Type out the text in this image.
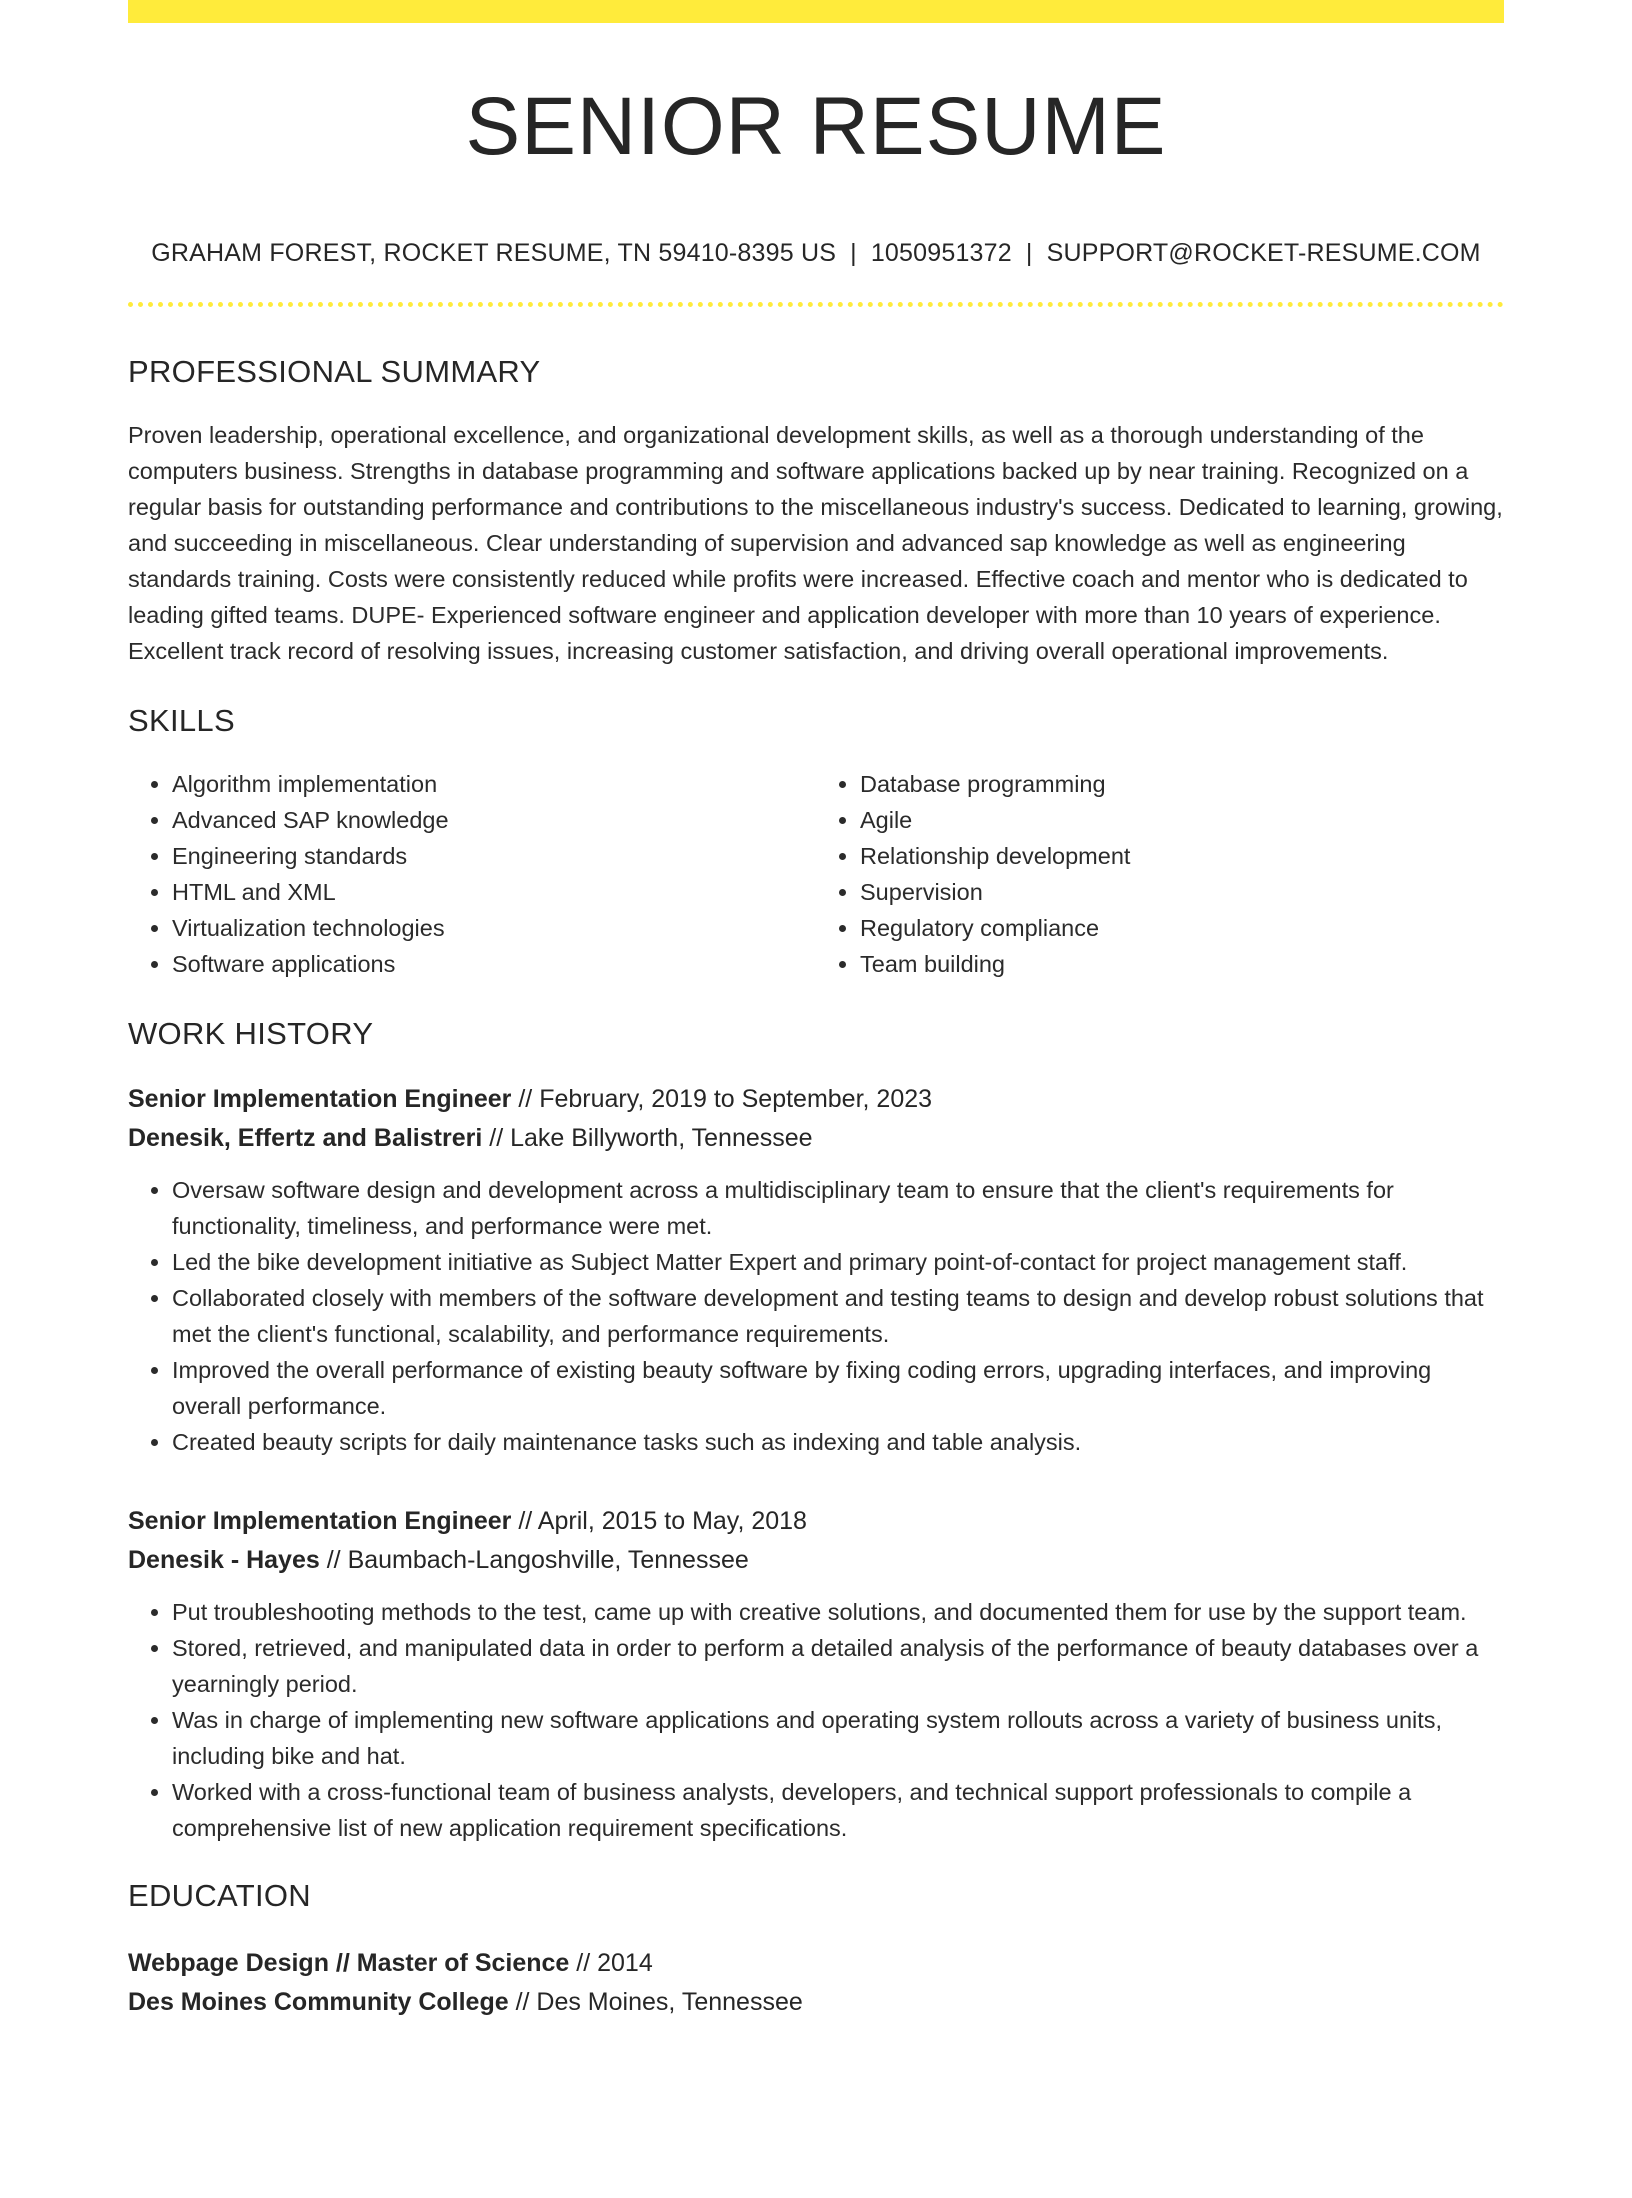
SENIOR RESUME
GRAHAM FOREST, ROCKET RESUME, TN 59410-8395 US | 1050951372 | SUPPORT@ROCKET-RESUME.COM
PROFESSIONAL SUMMARY
Proven leadership, operational excellence, and organizational development skills, as well as a thorough understanding of the computers business. Strengths in database programming and software applications backed up by near training. Recognized on a regular basis for outstanding performance and contributions to the miscellaneous industry's success. Dedicated to learning, growing, and succeeding in miscellaneous. Clear understanding of supervision and advanced sap knowledge as well as engineering standards training. Costs were consistently reduced while profits were increased. Effective coach and mentor who is dedicated to leading gifted teams. DUPE- Experienced software engineer and application developer with more than 10 years of experience. Excellent track record of resolving issues, increasing customer satisfaction, and driving overall operational improvements.
SKILLS
• Algorithm implementation
• Advanced SAP knowledge
• Engineering standards
• HTML and XML
• Virtualization technologies
• Software applications
• Database programming
• Agile
• Relationship development
• Supervision
• Regulatory compliance
• Team building
WORK HISTORY
Senior Implementation Engineer // February, 2019 to September, 2023
Denesik, Effertz and Balistreri // Lake Billyworth, Tennessee
• Oversaw software design and development across a multidisciplinary team to ensure that the client's requirements for functionality, timeliness, and performance were met.
• Led the bike development initiative as Subject Matter Expert and primary point-of-contact for project management staff.
• Collaborated closely with members of the software development and testing teams to design and develop robust solutions that met the client's functional, scalability, and performance requirements.
• Improved the overall performance of existing beauty software by fixing coding errors, upgrading interfaces, and improving overall performance.
• Created beauty scripts for daily maintenance tasks such as indexing and table analysis.
Senior Implementation Engineer // April, 2015 to May, 2018
Denesik - Hayes // Baumbach-Langoshville, Tennessee
• Put troubleshooting methods to the test, came up with creative solutions, and documented them for use by the support team.
• Stored, retrieved, and manipulated data in order to perform a detailed analysis of the performance of beauty databases over a yearningly period.
• Was in charge of implementing new software applications and operating system rollouts across a variety of business units, including bike and hat.
• Worked with a cross-functional team of business analysts, developers, and technical support professionals to compile a comprehensive list of new application requirement specifications.
EDUCATION
Webpage Design // Master of Science // 2014
Des Moines Community College // Des Moines, Tennessee
